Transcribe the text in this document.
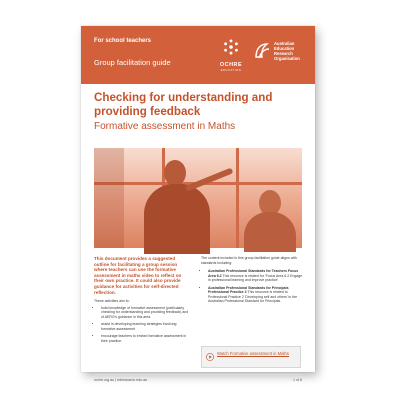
For school teachers
Group facilitation guide	OCHRE
EDUCATION
Australian
Education
Research
Organisation
Checking for understanding and providing feedback
Formative assessment in Maths

This document provides a suggested outline for facilitating a group session where teachers can use the formative assessment in maths video to reflect on their own practice. It could also provide guidance for activities for self-directed reflection.

These activities aim to:

• build knowledge of formative assessment (particularly checking for understanding and providing feedback) and of AERO's guidance in this area
• assist in developing teaching strategies involving formative assessment
• encourage teachers to embed formative assessment in their practice.

The content included in this group facilitation guide aligns with standards including:

• Australian Professional Standards for Teachers Focus Area 6.2 This resource is related for 'Focus Area 6.2 Engage in professional learning and improve practice'.
• Australian Professional Standards for Principals Professional Practice 2 This resource is related to Professional Practice 2 'Developing self and others' in the Australian Professional Standard for Principals.
Watch Formative assessment in Maths
ochre.org.au | edresearch.edu.au	1 of 6
